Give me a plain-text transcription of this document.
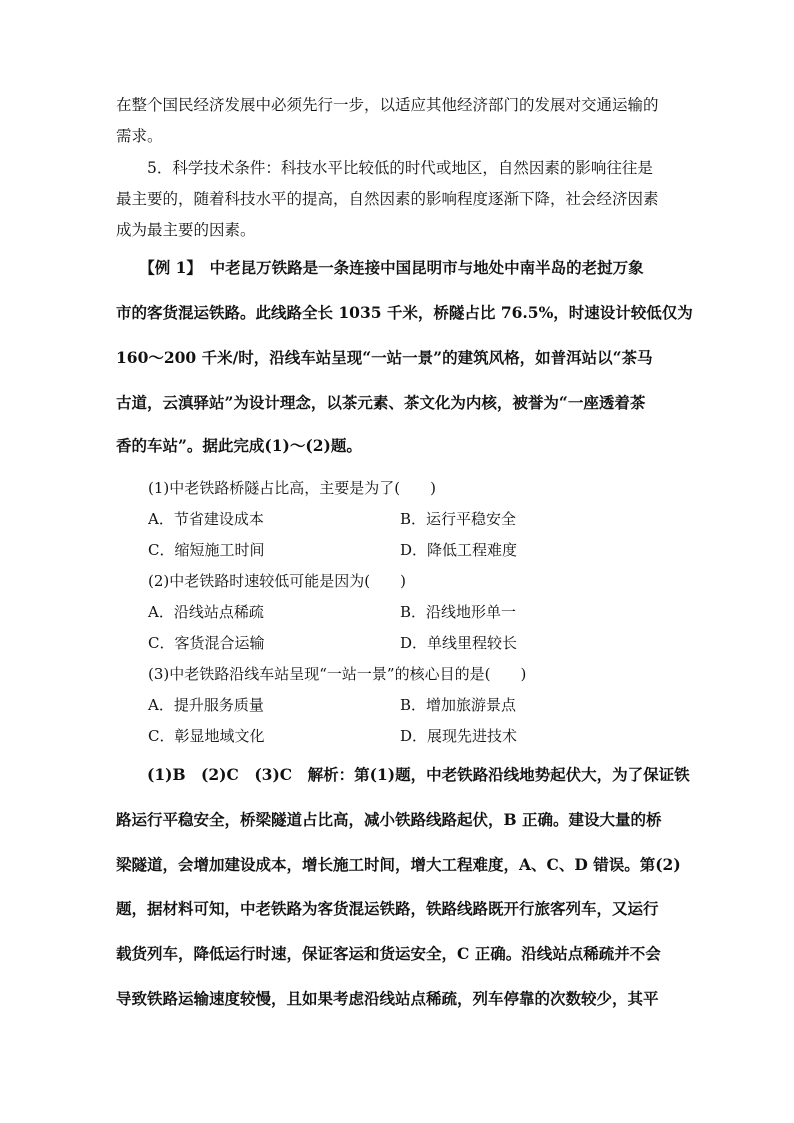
在整个国民经济发展中必须先行一步，以适应其他经济部门的发展对交通运输的
需求。
　　5．科学技术条件：科技水平比较低的时代或地区，自然因素的影响往往是
最主要的，随着科技水平的提高，自然因素的影响程度逐渐下降，社会经济因素
成为最主要的因素。
　　【例 1】　中老昆万铁路是一条连接中国昆明市与地处中南半岛的老挝万象
市的客货混运铁路。此线路全长 1035 千米，桥隧占比 76.5%，时速设计较低仅为
160～200 千米/时，沿线车站呈现“一站一景”的建筑风格，如普洱站以“茶马
古道，云滇驿站”为设计理念，以茶元素、茶文化为内核，被誉为“一座透着茶
香的车站”。据此完成(1)～(2)题。
(1)中老铁路桥隧占比高，主要是为了(　　)
A．节省建设成本	B．运行平稳安全
C．缩短施工时间	D．降低工程难度
(2)中老铁路时速较低可能是因为(　　)
A．沿线站点稀疏	B．沿线地形单一
C．客货混合运输	D．单线里程较长
(3)中老铁路沿线车站呈现“一站一景”的核心目的是(　　)
A．提升服务质量	B．增加旅游景点
C．彰显地域文化	D．展现先进技术
　　(1)B　(2)C　(3)C　解析：第(1)题，中老铁路沿线地势起伏大，为了保证铁
路运行平稳安全，桥梁隧道占比高，减小铁路线路起伏，B 正确。建设大量的桥
梁隧道，会增加建设成本，增长施工时间，增大工程难度，A、C、D 错误。第(2)
题，据材料可知，中老铁路为客货混运铁路，铁路线路既开行旅客列车，又运行
载货列车，降低运行时速，保证客运和货运安全，C 正确。沿线站点稀疏并不会
导致铁路运输速度较慢，且如果考虑沿线站点稀疏，列车停靠的次数较少，其平
